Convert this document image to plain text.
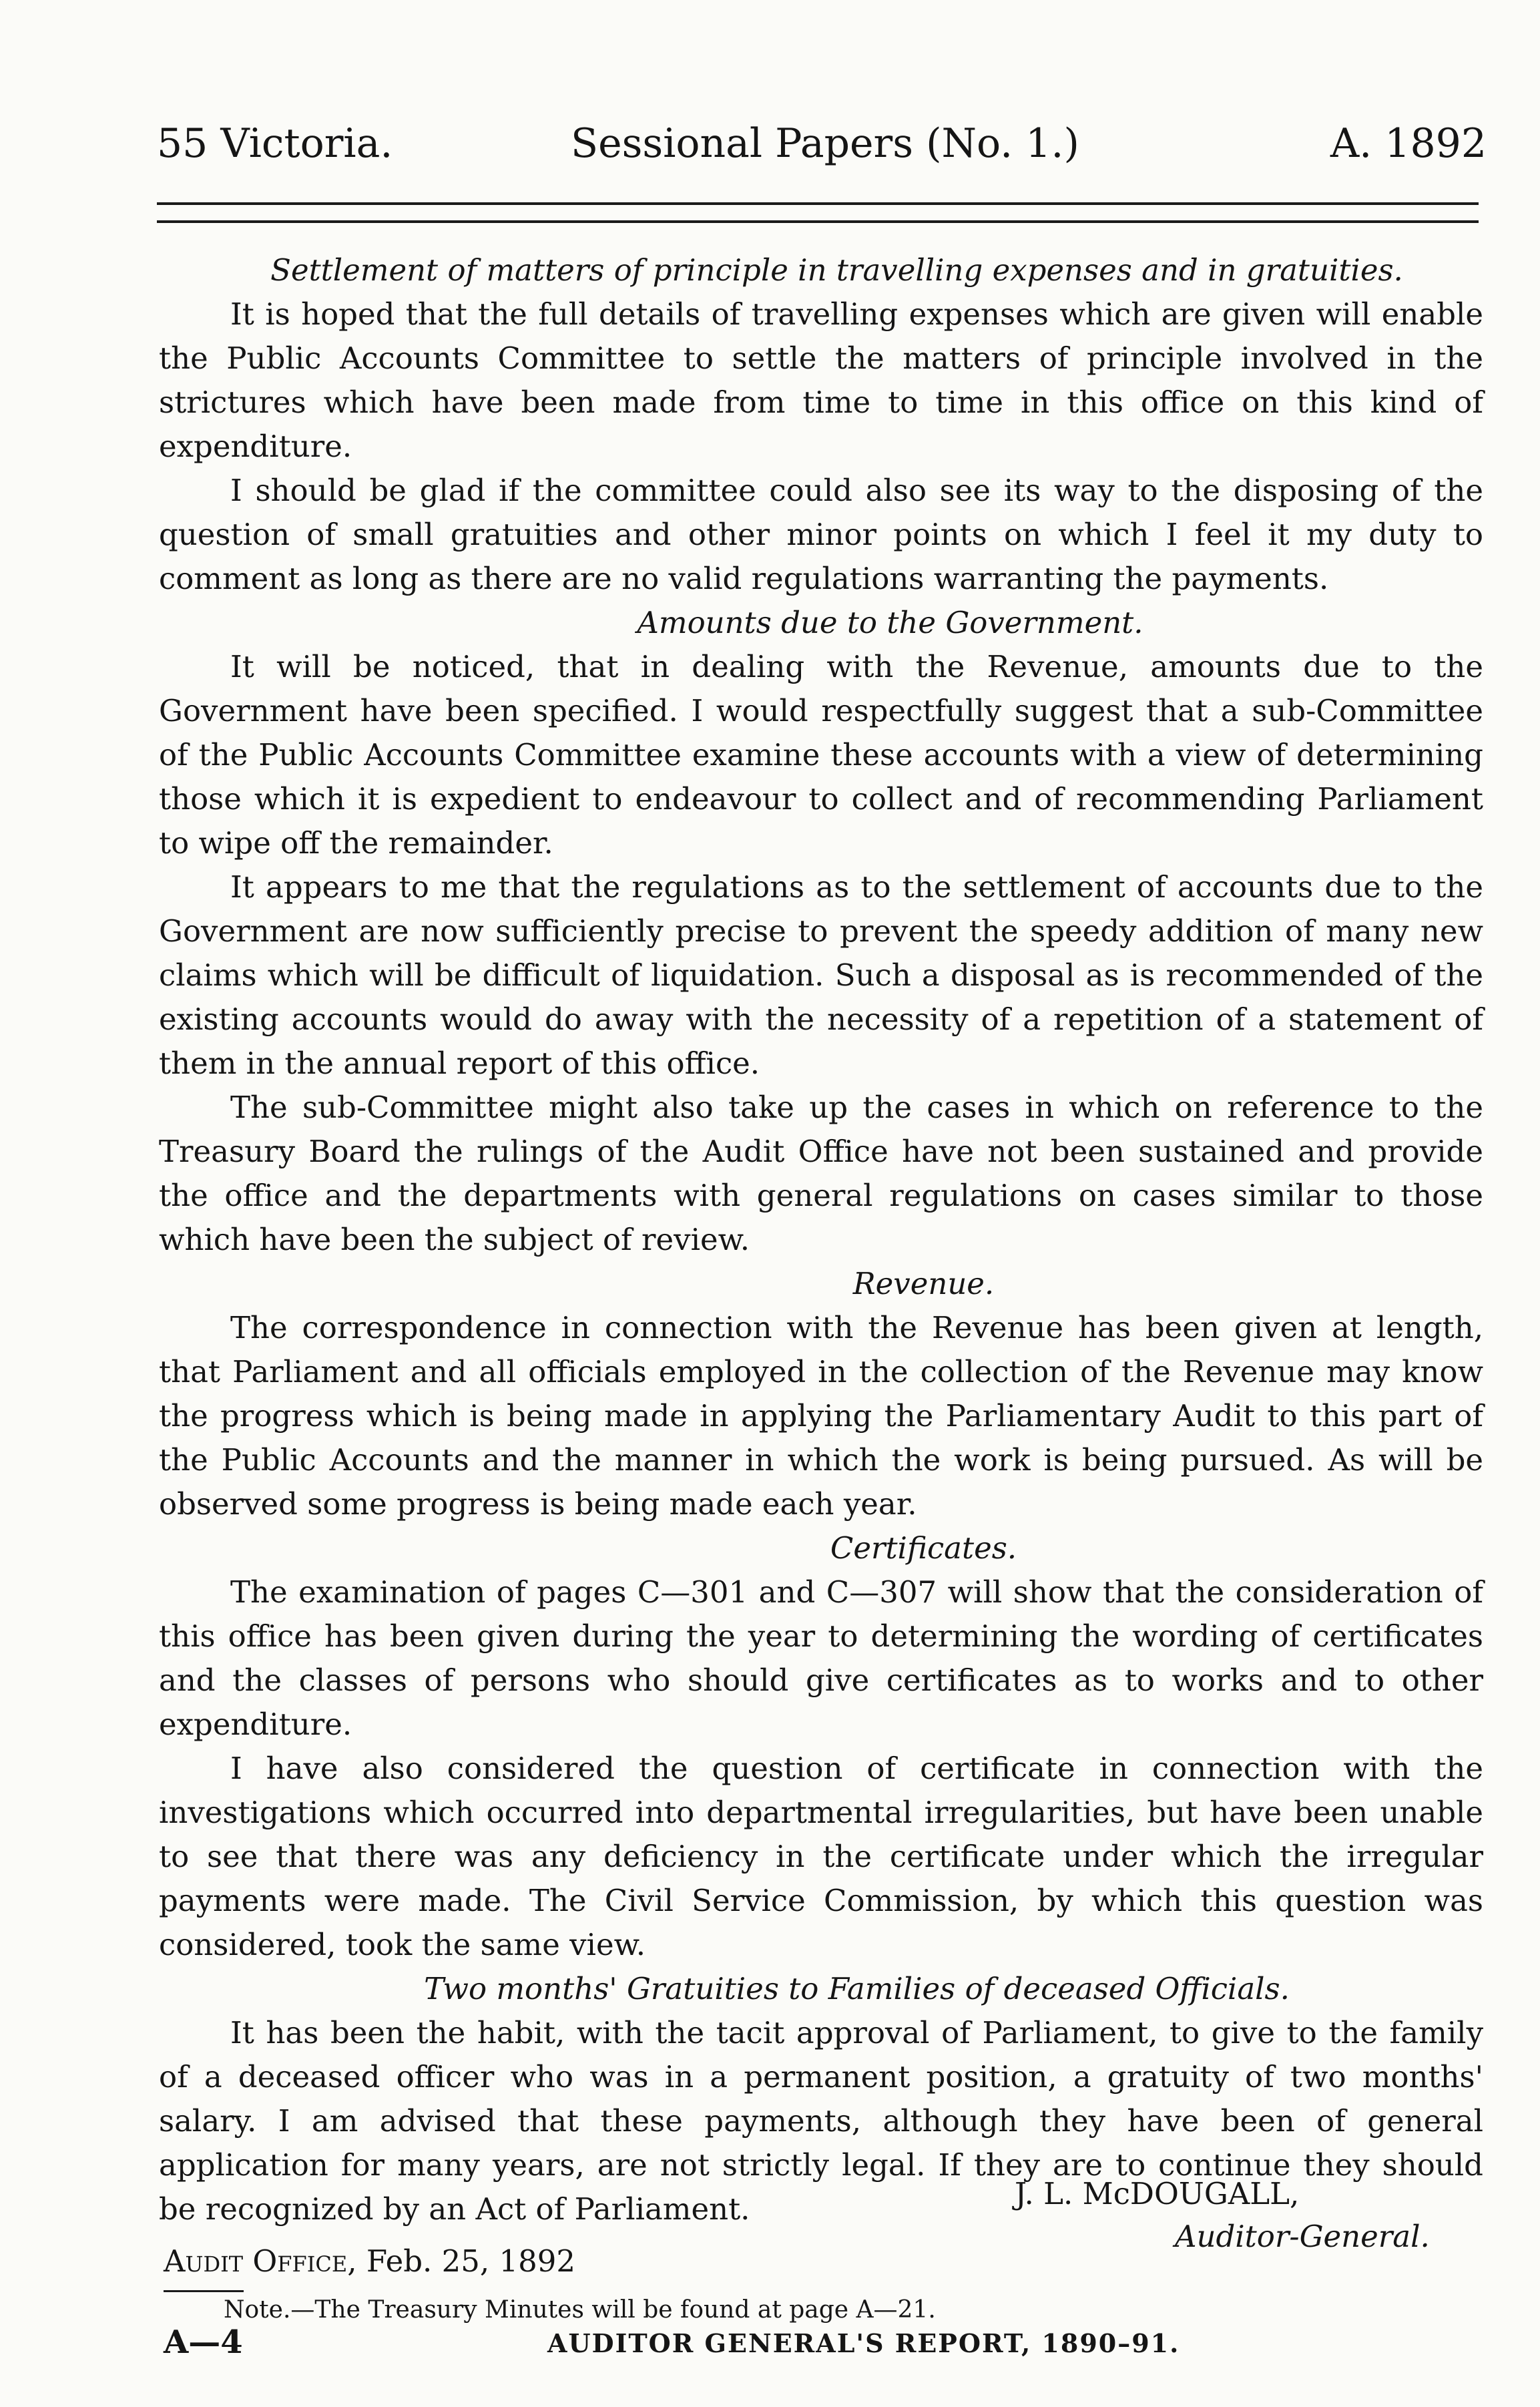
55 Victoria.	Sessional Papers (No. 1.)	A. 1892

Settlement of matters of principle in travelling expenses and in gratuities.

It is hoped that the full details of travelling expenses which are given will enable the Public Accounts Committee to settle the matters of principle involved in the strictures which have been made from time to time in this office on this kind of expenditure.

I should be glad if the committee could also see its way to the disposing of the question of small gratuities and other minor points on which I feel it my duty to comment as long as there are no valid regulations warranting the payments.

Amounts due to the Government.

It will be noticed, that in dealing with the Revenue, amounts due to the Government have been specified. I would respectfully suggest that a sub-Committee of the Public Accounts Committee examine these accounts with a view of determining those which it is expedient to endeavour to collect and of recommending Parliament to wipe off the remainder.

It appears to me that the regulations as to the settlement of accounts due to the Government are now sufficiently precise to prevent the speedy addition of many new claims which will be difficult of liquidation. Such a disposal as is recommended of the existing accounts would do away with the necessity of a repetition of a statement of them in the annual report of this office.

The sub-Committee might also take up the cases in which on reference to the Treasury Board the rulings of the Audit Office have not been sustained and provide the office and the departments with general regulations on cases similar to those which have been the subject of review.

Revenue.

The correspondence in connection with the Revenue has been given at length, that Parliament and all officials employed in the collection of the Revenue may know the progress which is being made in applying the Parliamentary Audit to this part of the Public Accounts and the manner in which the work is being pursued. As will be observed some progress is being made each year.

Certificates.

The examination of pages C—301 and C—307 will show that the consideration of this office has been given during the year to determining the wording of certificates and the classes of persons who should give certificates as to works and to other expenditure.

I have also considered the question of certificate in connection with the investigations which occurred into departmental irregularities, but have been unable to see that there was any deficiency in the certificate under which the irregular payments were made. The Civil Service Commission, by which this question was considered, took the same view.

Two months' Gratuities to Families of deceased Officials.

It has been the habit, with the tacit approval of Parliament, to give to the family of a deceased officer who was in a permanent position, a gratuity of two months' salary. I am advised that these payments, although they have been of general application for many years, are not strictly legal. If they are to continue they should be recognized by an Act of Parliament.	J. L. McDOUGALL,
Auditor-General.
Audit Office, Feb. 25, 1892
Note.—The Treasury Minutes will be found at page A—21.
A—4	AUDITOR GENERAL'S REPORT, 1890–91.
